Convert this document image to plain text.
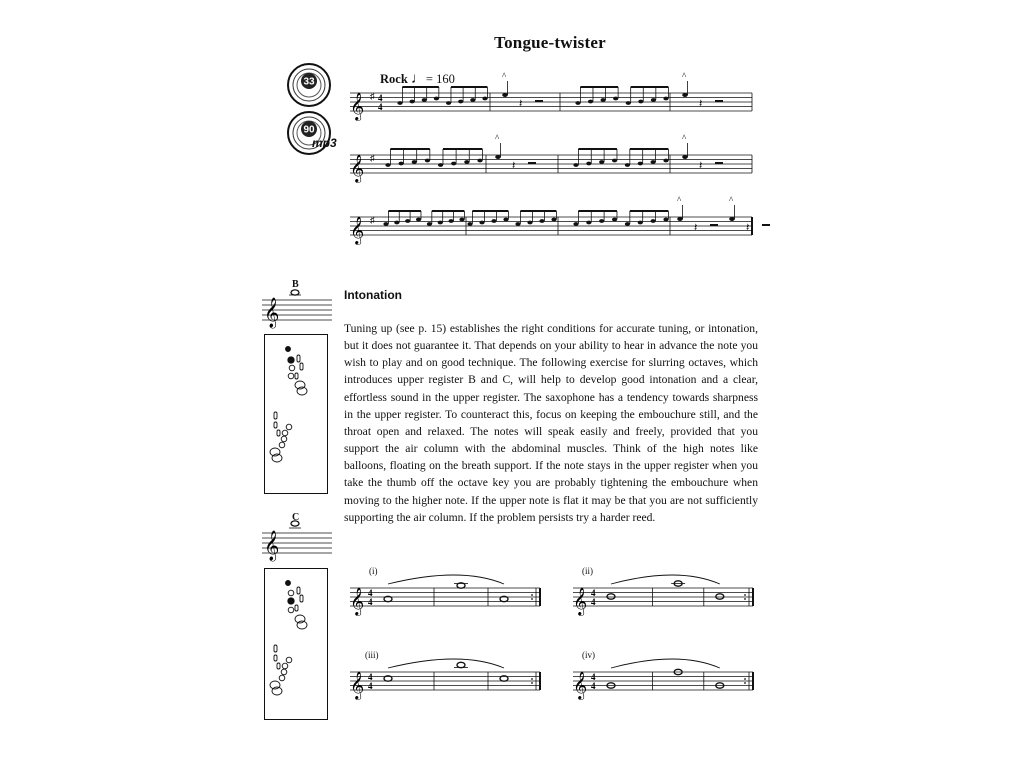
Tongue-twister
33
90
mp3
Rock ♩= 160
𝄞 ♯ 4
4
^
𝄽
^
𝄽
𝄞 ♯
^
𝄽
^
𝄽
𝄞 ♯
^
𝄽
^
𝄽
B
𝄞
C
𝄞
Intonation
Tuning up (see p. 15) establishes the right conditions for accurate tuning, or intonation, but it does not guarantee it. That depends on your ability to hear in advance the note you wish to play and on good technique. The following exercise for slurring octaves, which introduces upper register B and C, will help to develop good intonation and a clear, effortless sound in the upper register. The saxophone has a tendency towards sharpness in the upper register. To counteract this, focus on keeping the embouchure still, and the throat open and relaxed. The notes will speak easily and freely, provided that you support the air column with the abdominal muscles. Think of the high notes like balloons, floating on the breath support. If the note stays in the upper register when you take the thumb off the octave key you are probably tightening the embouchure when moving to the higher note. If the upper note is flat it may be that you are not sufficiently supporting the air column. If the problem persists try a harder reed.
(i)
𝄞 4
4
(ii)
𝄞 4
4
(iii)
𝄞 4
4
(iv)
𝄞 4
4
